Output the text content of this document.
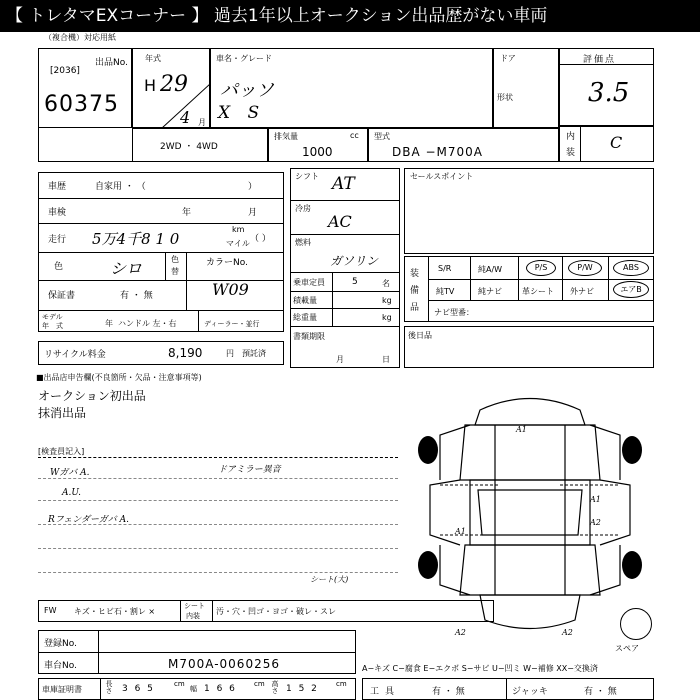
【 トレタマEXコーナー 】 過去1年以上オークション出品歴がない車両
（複合機）対応用紙
出品No.
[2036]
60375
年式
H 29
4 月
車名・グレード
パッソ
X S
ドア
形状
評価点
3.5
内
装
C
2WD ・ 4WD
排気量	cc
1000
型式
DBA −M700A
車歴	自家用 ・ （	）
車検	年	月
走行 5万4千8 1 0
km
マイル （ ）
色	シロ	色
替
カラーNo.
W09
保証書	有 ・ 無
モデル
年　式	年 ハンドル 左・右	ディーラー・並行
リサイクル料金	8,190	円 預託済
シフト AT
冷房
AC
燃料
ガソリン
乗車定員	5	名
積載量	kg
総重量	kg
書類期限
月	日
セールスポイント
装
備
品
S/R	純A/W	P/S	P/W	ABS
純TV	純ナビ	革シート 外ナビ	エアB
ナビ型番：
後日品
■出品店申告欄(不良箇所・欠品・注意事項等)
オークション初出品
抹消出品
[検査員記入]
Wガバ A.
A.U.
Rフェンダーガバ A.
ドアミラー異音
A1
A1
A1
A2
A2	A2
シート(大)
スペア
FW キズ・ヒビ石・割レ ×
シート
内装 汚・穴・凹ゴ・ヨゴ・破レ・スレ
登録No.
車台No.	M700A-0060256	A−キズ C−腐食 E−エクボ S−サビ U−凹ミ W−補修 XX−交換済
車庫証明書	長さ 3 6 5	cm
幅 1 6 6 cm 高さ 1 5 2 cm
工具	有 ・ 無	ジャッキ	有 ・ 無
